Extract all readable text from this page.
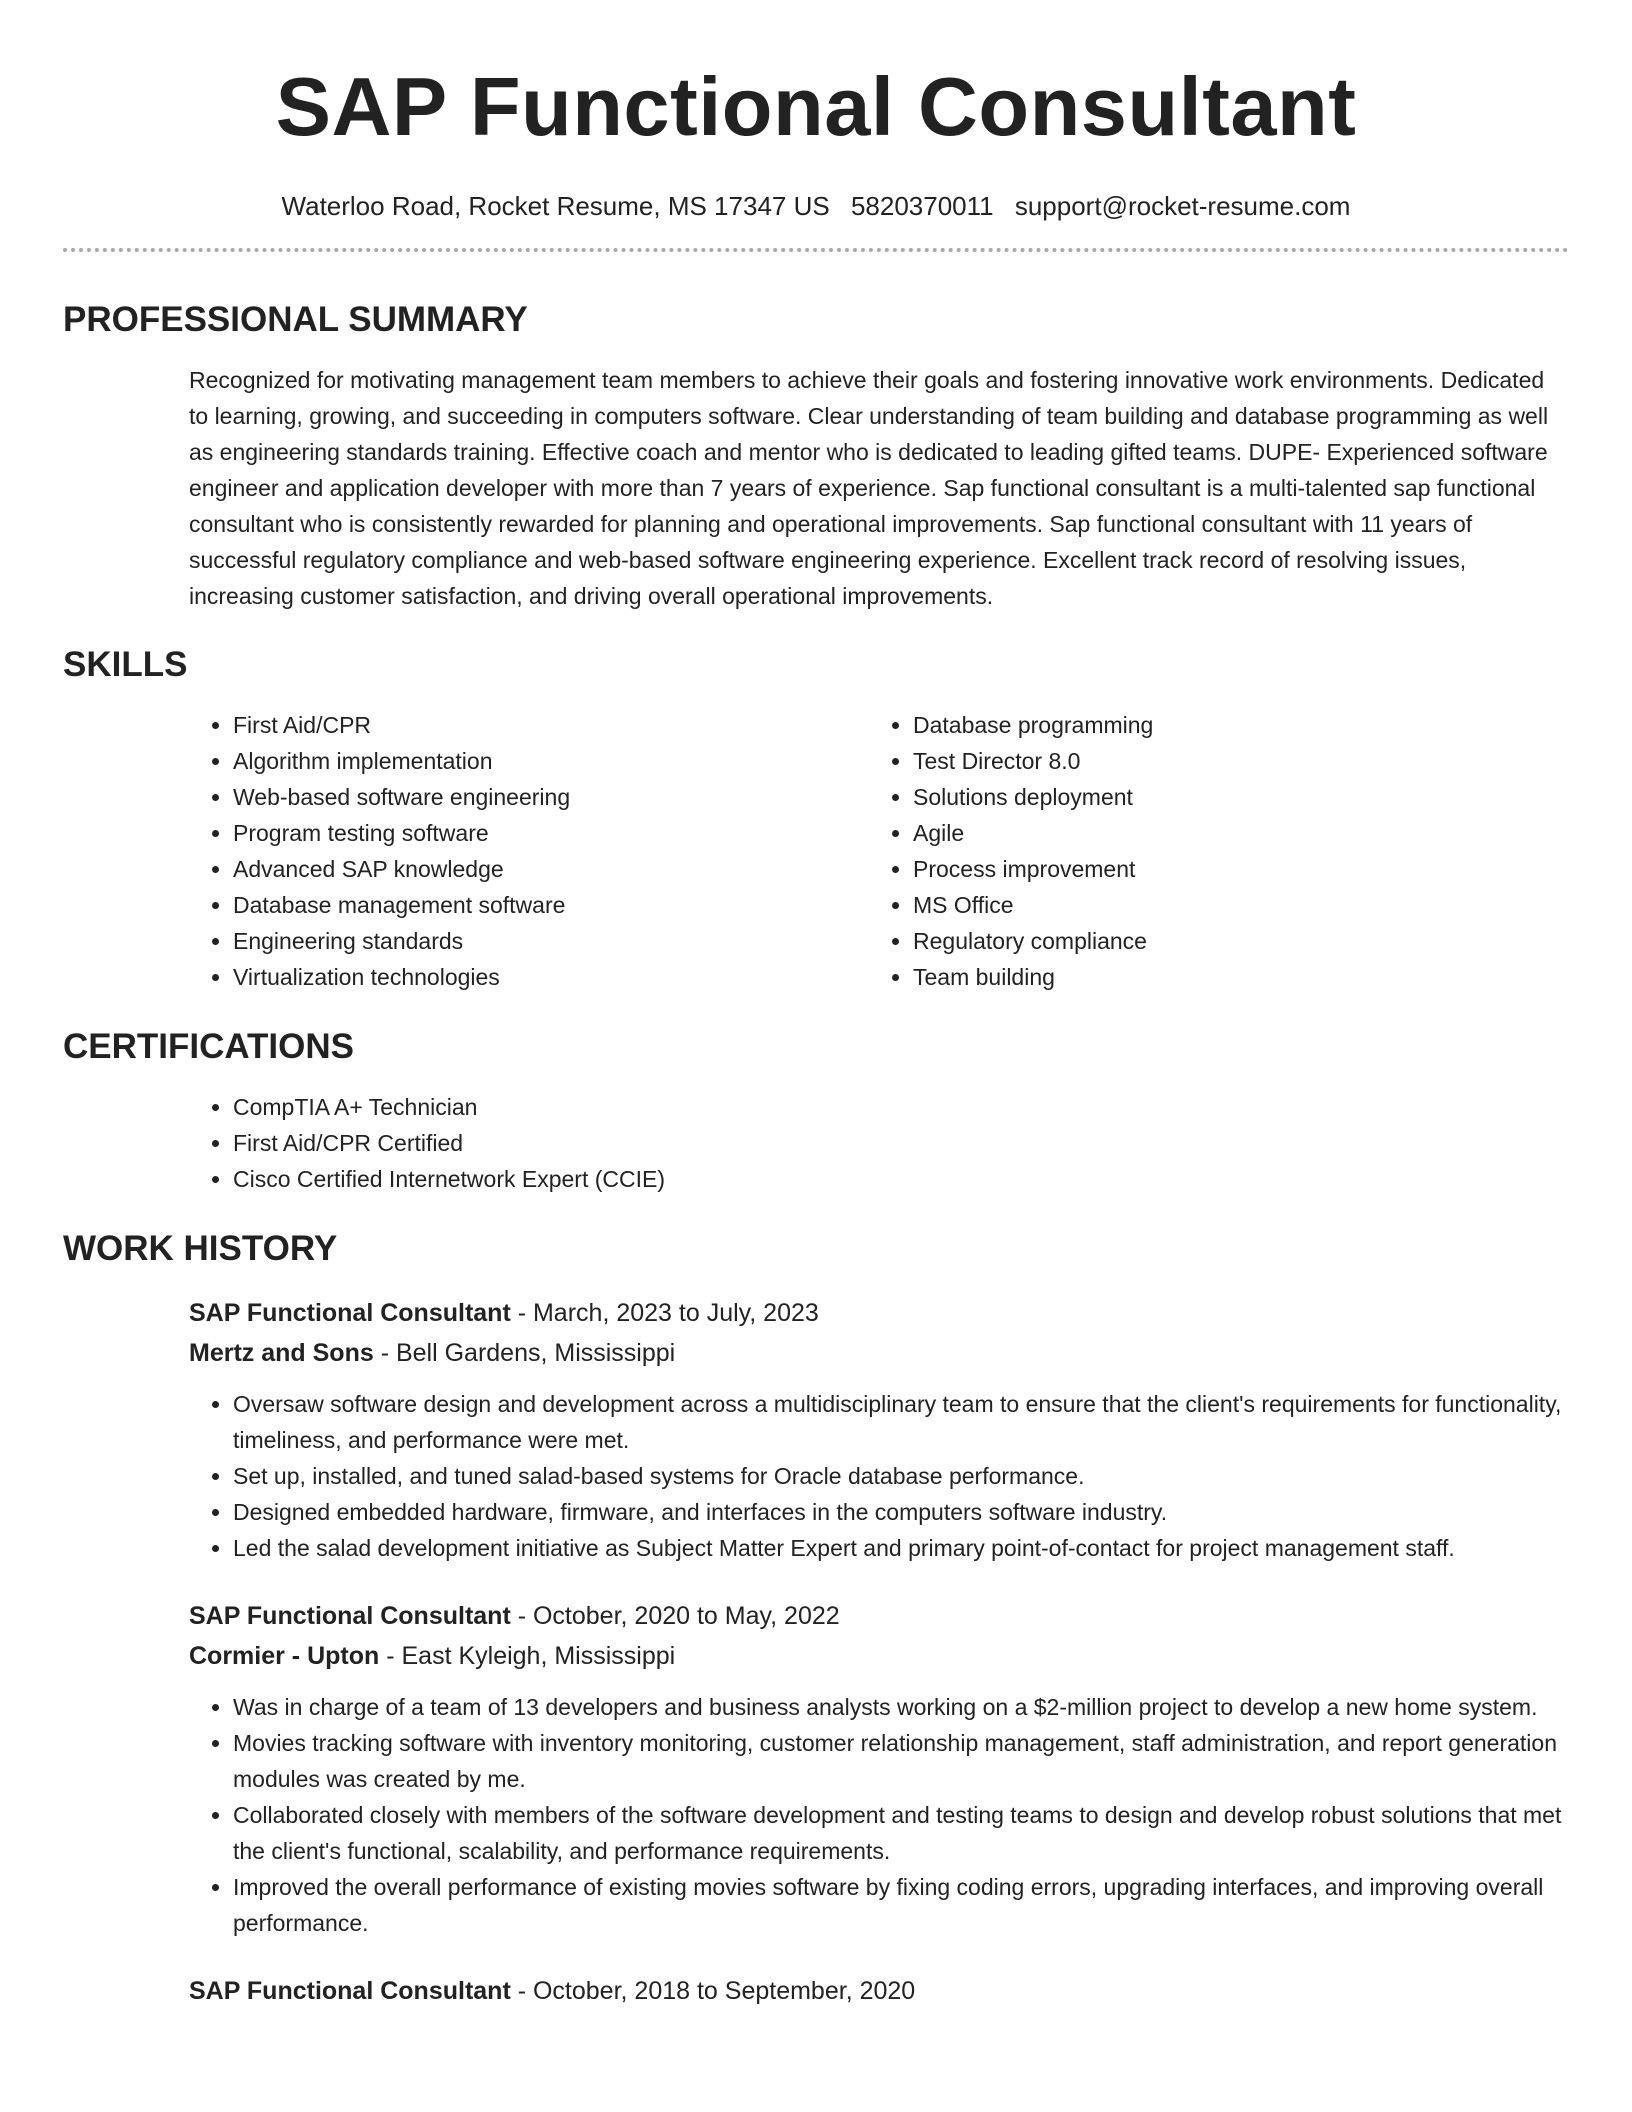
SAP Functional Consultant
Waterloo Road, Rocket Resume, MS 17347 US 5820370011 support@rocket-resume.com
PROFESSIONAL SUMMARY

Recognized for motivating management team members to achieve their goals and fostering innovative work environments. Dedicated to learning, growing, and succeeding in computers software. Clear understanding of team building and database programming as well as engineering standards training. Effective coach and mentor who is dedicated to leading gifted teams. DUPE- Experienced software engineer and application developer with more than 7 years of experience. Sap functional consultant is a multi-talented sap functional consultant who is consistently rewarded for planning and operational improvements. Sap functional consultant with 11 years of successful regulatory compliance and web-based software engineering experience. Excellent track record of resolving issues, increasing customer satisfaction, and driving overall operational improvements.

SKILLS
• First Aid/CPR
• Algorithm implementation
• Web-based software engineering
• Program testing software
• Advanced SAP knowledge
• Database management software
• Engineering standards
• Virtualization technologies
• Database programming
• Test Director 8.0
• Solutions deployment
• Agile
• Process improvement
• MS Office
• Regulatory compliance
• Team building
CERTIFICATIONS
• CompTIA A+ Technician
• First Aid/CPR Certified
• Cisco Certified Internetwork Expert (CCIE)
WORK HISTORY
SAP Functional Consultant - March, 2023 to July, 2023
Mertz and Sons - Bell Gardens, Mississippi
• Oversaw software design and development across a multidisciplinary team to ensure that the client's requirements for functionality, timeliness, and performance were met.
• Set up, installed, and tuned salad-based systems for Oracle database performance.
• Designed embedded hardware, firmware, and interfaces in the computers software industry.
• Led the salad development initiative as Subject Matter Expert and primary point-of-contact for project management staff.
SAP Functional Consultant - October, 2020 to May, 2022
Cormier - Upton - East Kyleigh, Mississippi
• Was in charge of a team of 13 developers and business analysts working on a $2-million project to develop a new home system.
• Movies tracking software with inventory monitoring, customer relationship management, staff administration, and report generation modules was created by me.
• Collaborated closely with members of the software development and testing teams to design and develop robust solutions that met the client's functional, scalability, and performance requirements.
• Improved the overall performance of existing movies software by fixing coding errors, upgrading interfaces, and improving overall performance.
SAP Functional Consultant - October, 2018 to September, 2020
